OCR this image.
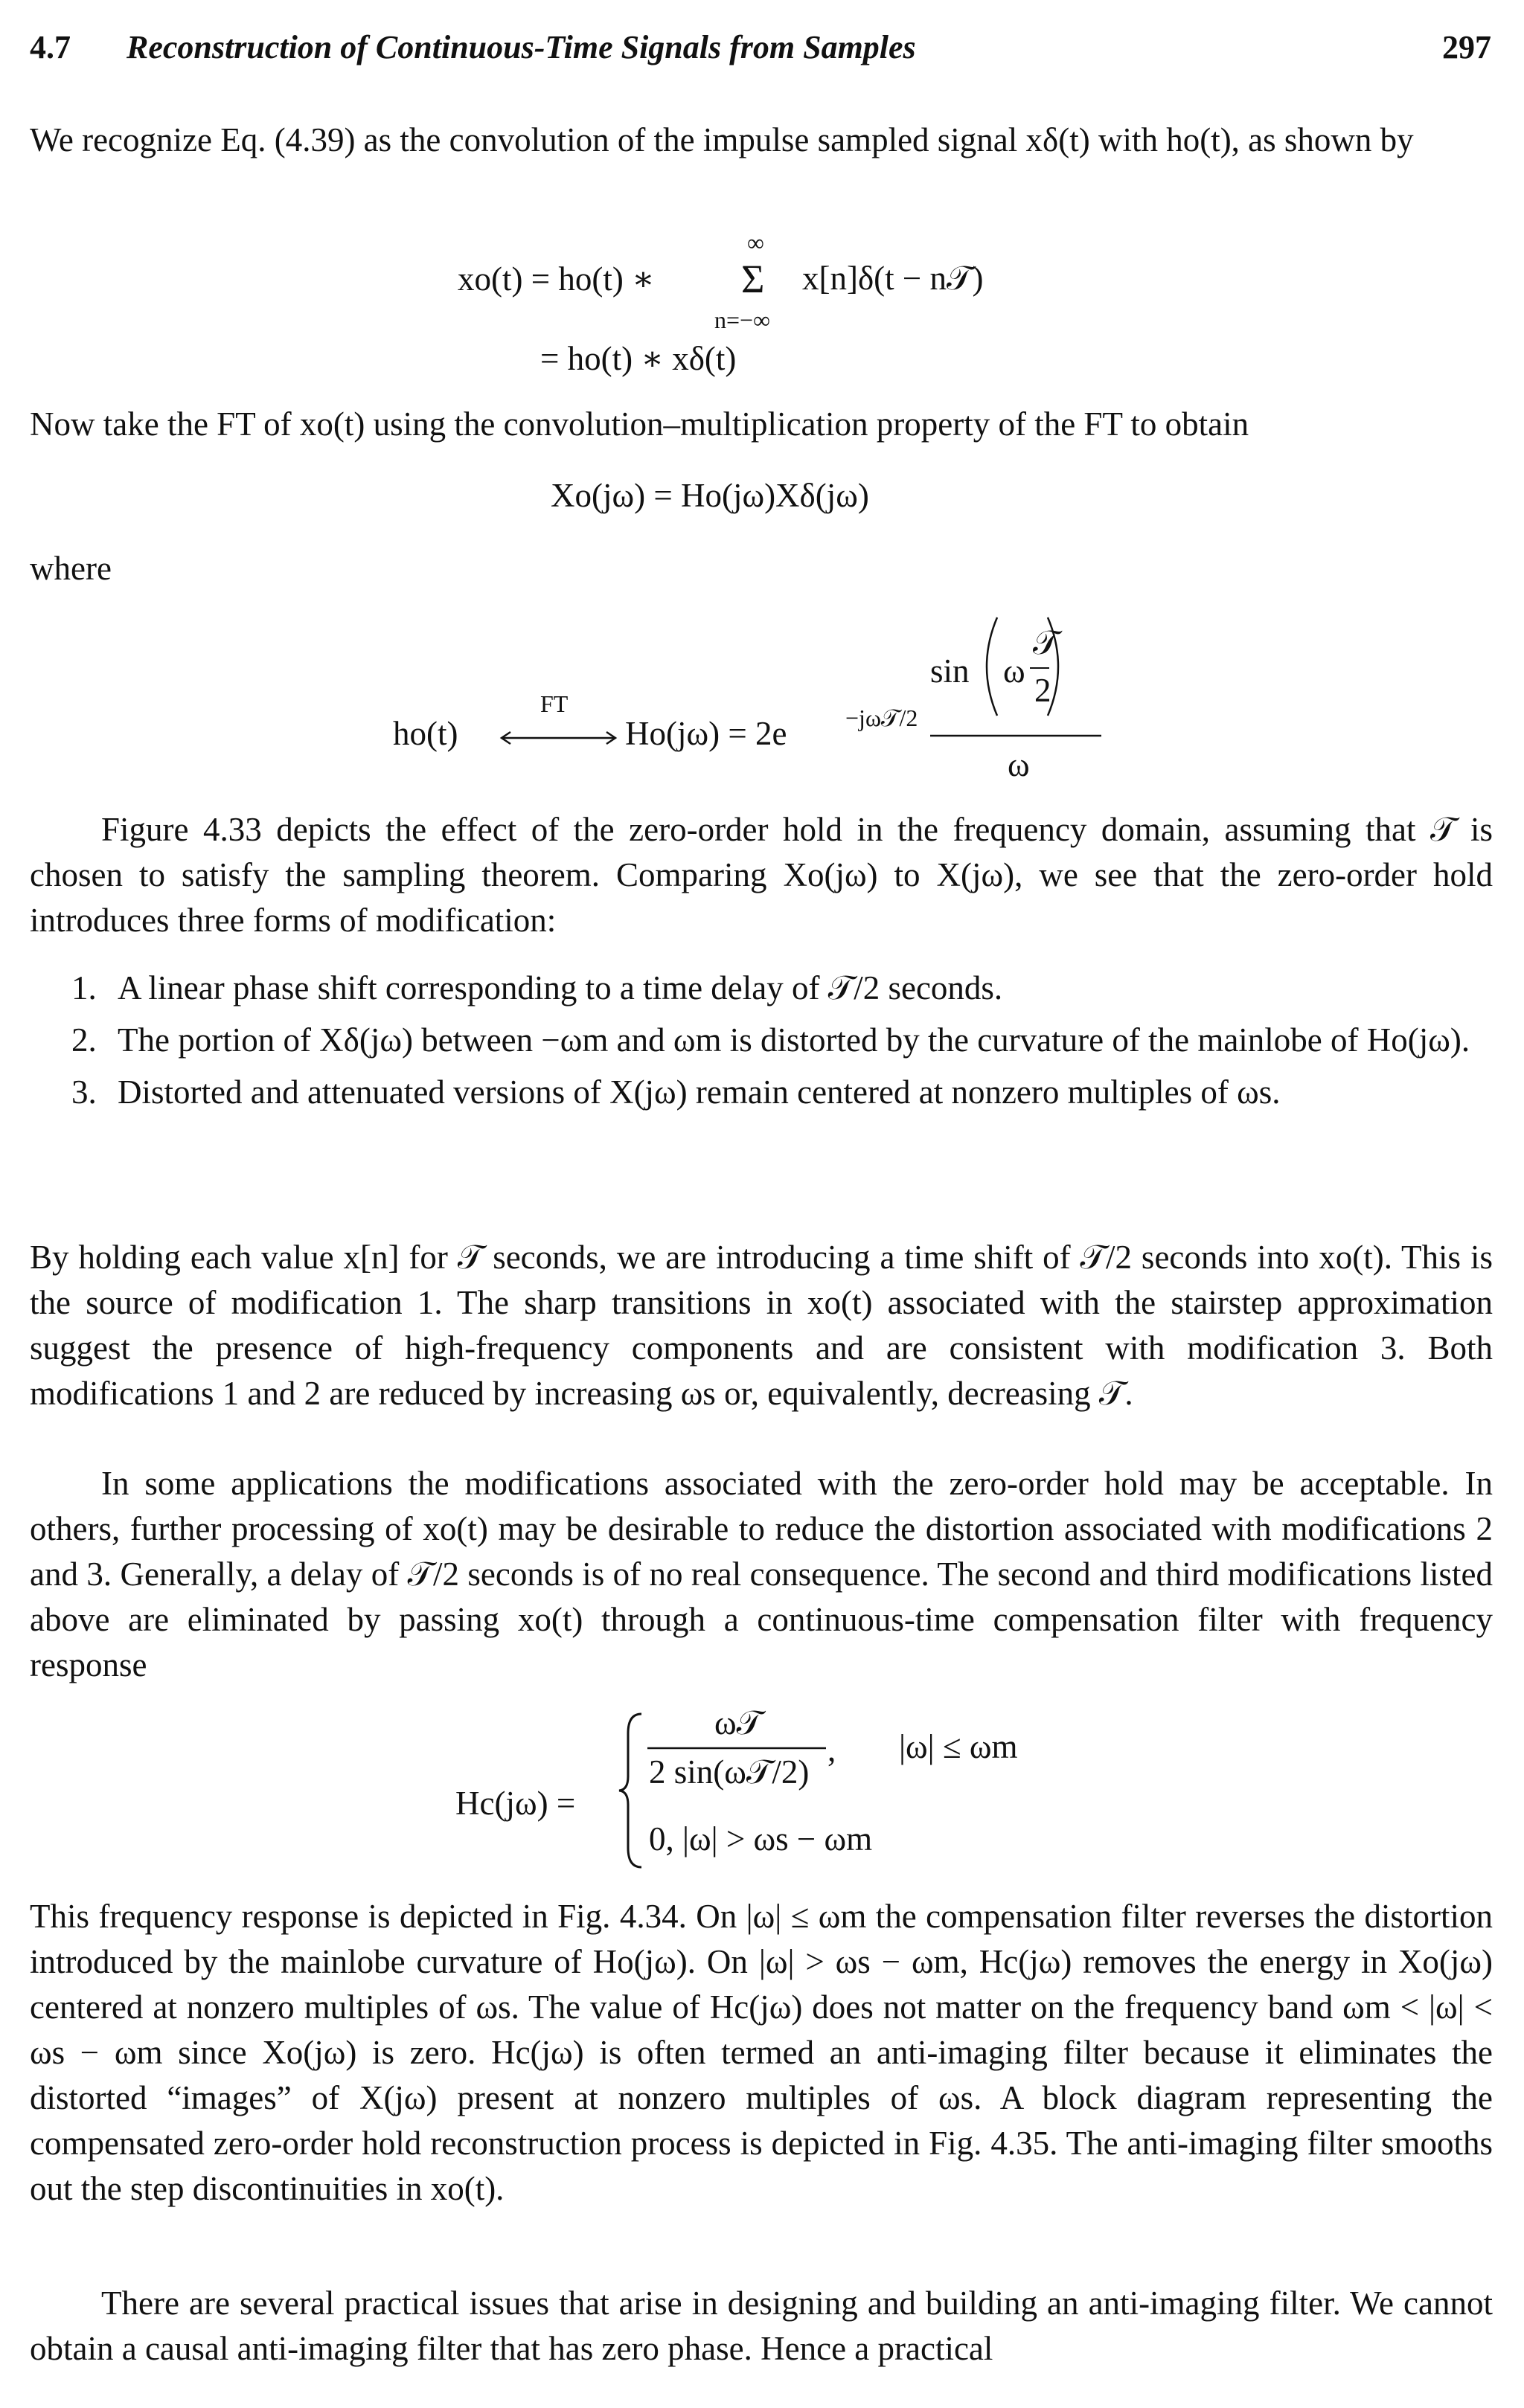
4.7 Reconstruction of Continuous-Time Signals from Samples	297

We recognize Eq. (4.39) as the convolution of the impulse sampled signal xδ(t) with ho(t), as shown by

xo(t) = ho(t) ∗
∞
Σ
n=−∞
x[n]δ(t − n𝒯)
= ho(t) ∗ xδ(t)

Now take the FT of xo(t) using the convolution–multiplication property of the FT to obtain

Xo(jω) = Ho(jω)Xδ(jω)
where
ho(t)
FT
Ho(jω) = 2e −jω𝒯/2
sin ω
𝒯
2
ω

Figure 4.33 depicts the effect of the zero-order hold in the frequency domain, assuming that 𝒯 is chosen to satisfy the sampling theorem. Comparing Xo(jω) to X(jω), we see that the zero-order hold introduces three forms of modification:

1. A linear phase shift corresponding to a time delay of 𝒯/2 seconds.
2. The portion of Xδ(jω) between −ωm and ωm is distorted by the curvature of the mainlobe of Ho(jω).
3. Distorted and attenuated versions of X(jω) remain centered at nonzero multiples of ωs.

By holding each value x[n] for 𝒯 seconds, we are introducing a time shift of 𝒯/2 seconds into xo(t). This is the source of modification 1. The sharp transitions in xo(t) associated with the stairstep approximation suggest the presence of high-frequency components and are consistent with modification 3. Both modifications 1 and 2 are reduced by increasing ωs or, equivalently, decreasing 𝒯.

In some applications the modifications associated with the zero-order hold may be acceptable. In others, further processing of xo(t) may be desirable to reduce the distortion associated with modifications 2 and 3. Generally, a delay of 𝒯/2 seconds is of no real consequence. The second and third modifications listed above are eliminated by passing xo(t) through a continuous-time compensation filter with frequency response

Hc(jω) =
ω𝒯
2 sin(ω𝒯/2)
, |ω| ≤ ωm
0, |ω| > ωs − ωm

This frequency response is depicted in Fig. 4.34. On |ω| ≤ ωm the compensation filter reverses the distortion introduced by the mainlobe curvature of Ho(jω). On |ω| > ωs − ωm, Hc(jω) removes the energy in Xo(jω) centered at nonzero multiples of ωs. The value of Hc(jω) does not matter on the frequency band ωm < |ω| < ωs − ωm since Xo(jω) is zero. Hc(jω) is often termed an anti-imaging filter because it eliminates the distorted “images” of X(jω) present at nonzero multiples of ωs. A block diagram representing the compensated zero-order hold reconstruction process is depicted in Fig. 4.35. The anti-imaging filter smooths out the step discontinuities in xo(t).

There are several practical issues that arise in designing and building an anti-imaging filter. We cannot obtain a causal anti-imaging filter that has zero phase. Hence a practical
